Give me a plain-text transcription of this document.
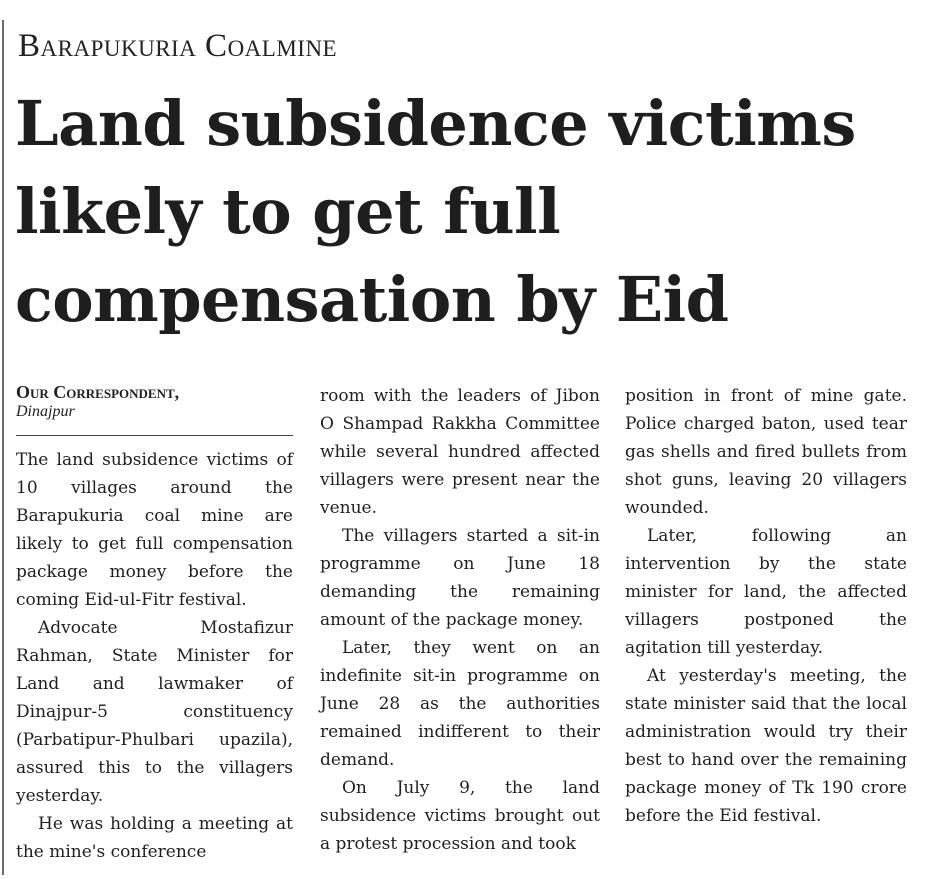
Barapukuria Coalmine
Land subsidence victims likely to get full compensation by Eid
Our Correspondent,
Dinajpur

The land subsidence victims of 10 villages around the Barapukuria coal mine are likely to get full compensation package money before the coming Eid-ul-Fitr festival.

Advocate Mostafizur Rahman, State Minister for Land and lawmaker of Dinajpur-5 constituency (Parbatipur-Phulbari upazila), assured this to the villagers yesterday.

He was holding a meeting at the mine's conference

room with the leaders of Jibon O Shampad Rakkha Committee while several hundred affected villagers were present near the venue.

The villagers started a sit-in programme on June 18 demanding the remaining amount of the package money.

Later, they went on an indefinite sit-in programme on June 28 as the authorities remained indifferent to their demand.

On July 9, the land subsidence victims brought out a protest procession and took

position in front of mine gate. Police charged baton, used tear gas shells and fired bullets from shot guns, leaving 20 villagers wounded.

Later, following an intervention by the state minister for land, the affected villagers postponed the agitation till yesterday.

At yesterday's meeting, the state minister said that the local administration would try their best to hand over the remaining package money of Tk 190 crore before the Eid festival.
